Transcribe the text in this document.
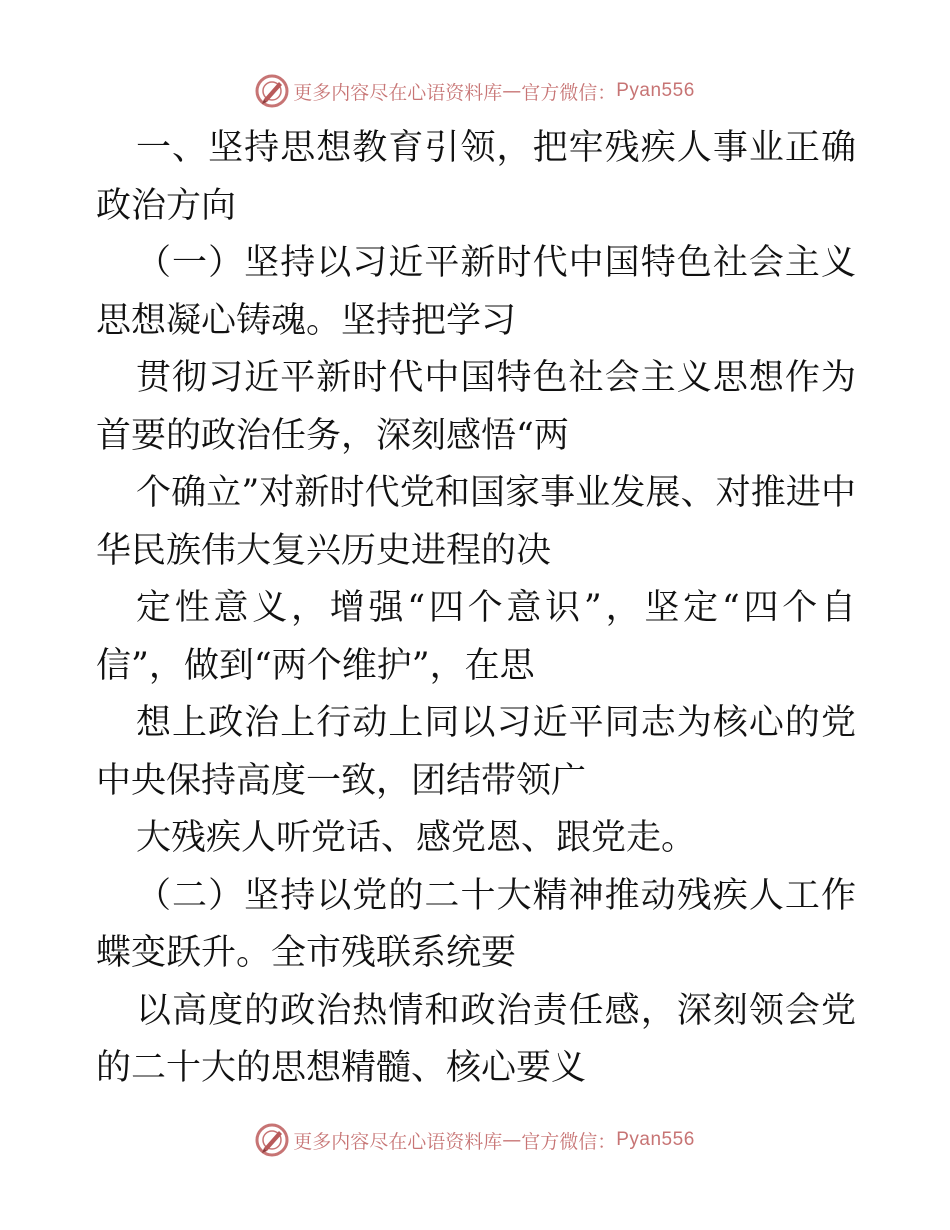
更多内容尽在心语资料库 — 官方微信： Pyan556

一、坚持思想教育引领，把牢残疾人事业正确政治方向

（一）坚持以习近平新时代中国特色社会主义思想凝心铸魂。坚持把学习

贯彻习近平新时代中国特色社会主义思想作为首要的政治任务，深刻感悟“两

个确立”对新时代党和国家事业发展、对推进中华民族伟大复兴历史进程的决

定性意义，增强“四个意识”，坚定“四个自信”，做到“两个维护”，在思

想上政治上行动上同以习近平同志为核心的党中央保持高度一致，团结带领广

大残疾人听党话、感党恩、跟党走。

（二）坚持以党的二十大精神推动残疾人工作蝶变跃升。全市残联系统要

以高度的政治热情和政治责任感，深刻领会党的二十大的思想精髓、核心要义

更多内容尽在心语资料库 — 官方微信： Pyan556
